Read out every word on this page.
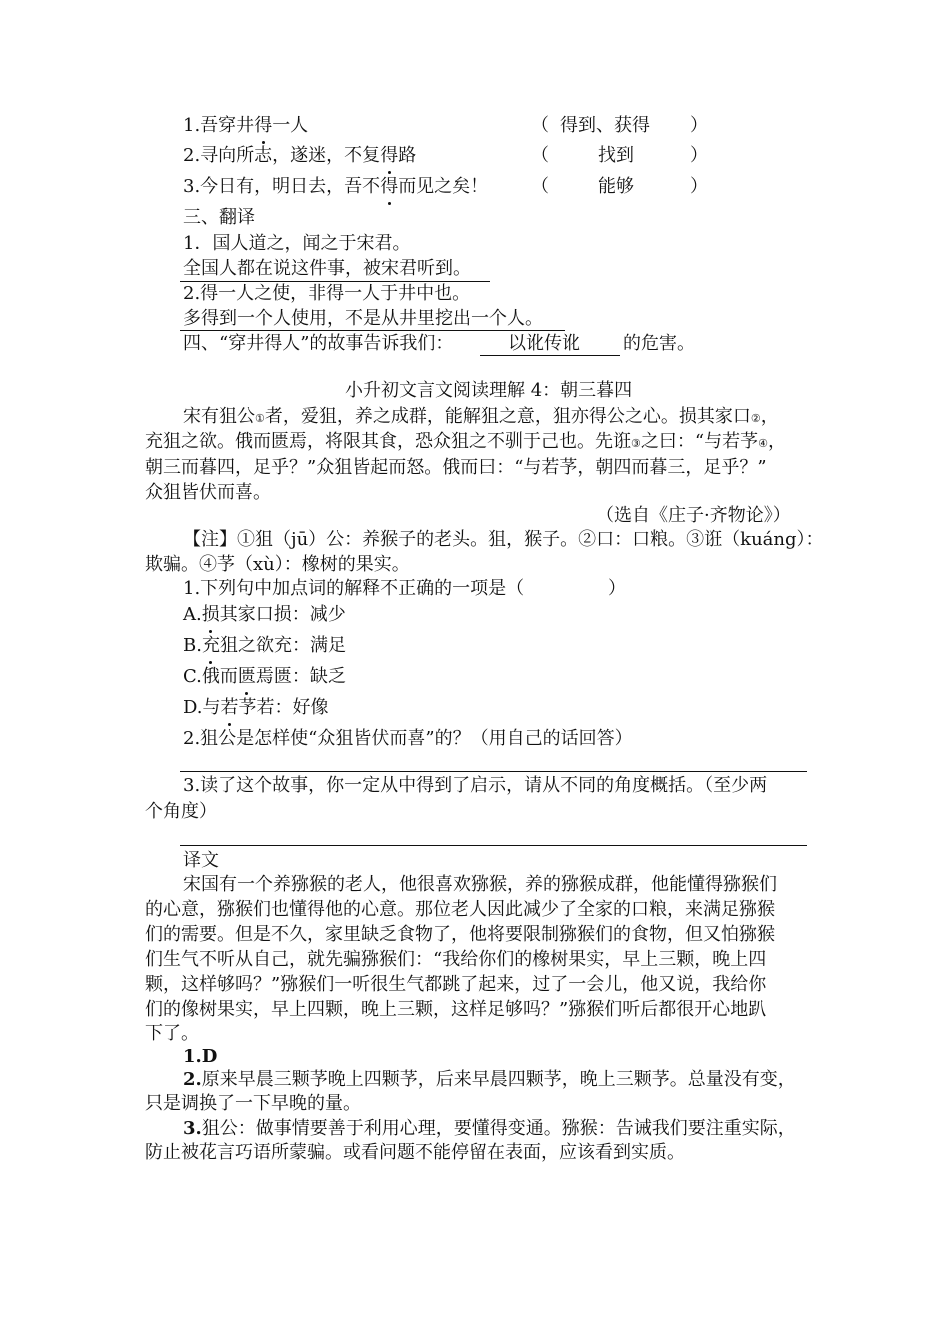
1.吾穿井得一人	（ 得到、获得 ）
2.寻向所志，遂迷，不复得路	（	找到	）
3.今日有，明日去，吾不得而见之矣！ （	能够	）
三、翻译
1．国人道之，闻之于宋君。
全国人都在说这件事，被宋君听到。
2.得一人之使，非得一人于井中也。
多得到一个人使用，不是从井里挖出一个人。
四、“穿井得人”的故事告诉我们：	以讹传讹 的危害。
小升初文言文阅读理解 4：朝三暮四
宋有狙公①者，爱狙，养之成群，能解狙之意，狙亦得公之心。损其家口②，
充狙之欲。俄而匮焉，将限其食，恐众狙之不驯于己也。先诳③之曰：“与若芧④，
朝三而暮四，足乎？”众狙皆起而怒。俄而曰：“与若芧，朝四而暮三，足乎？”
众狙皆伏而喜。
（选自《庄子·齐物论》）
【注】①狙（jū）公：养猴子的老头。狙，猴子。②口：口粮。③诳（kuáng）：
欺骗。④芧（xù）：橡树的果实。
1.下列句中加点词的解释不正确的一项是（	）
A.损其家口损：减少
B.充狙之欲充：满足
C.俄而匮焉匮：缺乏
D.与若芧若：好像
2.狙公是怎样使“众狙皆伏而喜”的？（用自己的话回答）
3.读了这个故事，你一定从中得到了启示，请从不同的角度概括。（至少两
个角度）
译文
宋国有一个养猕猴的老人，他很喜欢猕猴，养的猕猴成群，他能懂得猕猴们
的心意，猕猴们也懂得他的心意。那位老人因此减少了全家的口粮，来满足猕猴
们的需要。但是不久，家里缺乏食物了，他将要限制猕猴们的食物，但又怕猕猴
们生气不听从自己，就先骗猕猴们：“我给你们的橡树果实，早上三颗，晚上四
颗，这样够吗？”猕猴们一听很生气都跳了起来，过了一会儿，他又说，我给你
们的像树果实，早上四颗，晚上三颗，这样足够吗？”猕猴们听后都很开心地趴
下了。
1.D
2.原来早晨三颗芧晚上四颗芧，后来早晨四颗芧，晚上三颗芧。总量没有变，
只是调换了一下早晚的量。
3.狙公：做事情要善于利用心理，要懂得变通。猕猴：告诫我们要注重实际，
防止被花言巧语所蒙骗。或看问题不能停留在表面，应该看到实质。
